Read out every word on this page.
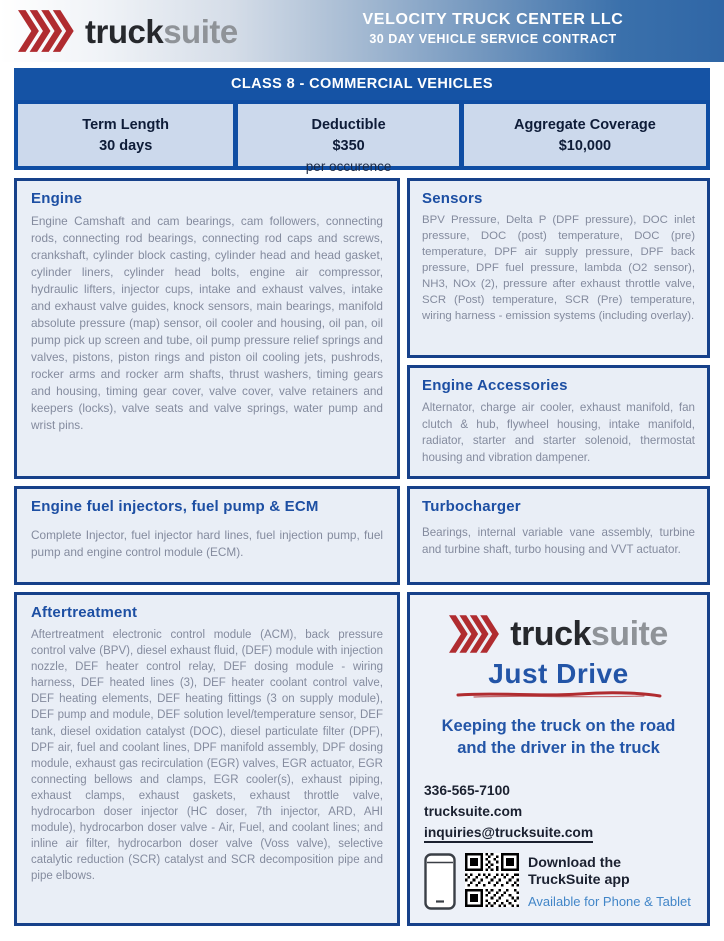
trucksuite	VELOCITY TRUCK CENTER LLC
30 DAY VEHICLE SERVICE CONTRACT
CLASS 8 - COMMERCIAL VEHICLES
Term Length
30 days
Deductible
$350
per occurence
Aggregate Coverage
$10,000
Engine

Engine Camshaft and cam bearings, cam followers, connecting rods, connecting rod bearings, connecting rod caps and screws, crankshaft, cylinder block casting, cylinder head and head gasket, cylinder liners, cylinder head bolts, engine air compressor, hydraulic lifters, injector cups, intake and exhaust valves, intake and exhaust valve guides, knock sensors, main bearings, manifold absolute pressure (map) sensor, oil cooler and housing, oil pan, oil pump pick up screen and tube, oil pump pressure relief springs and valves, pistons, piston rings and piston oil cooling jets, pushrods, rocker arms and rocker arm shafts, thrust washers, timing gears and housing, timing gear cover, valve cover, valve retainers and keepers (locks), valve seats and valve springs, water pump and wrist pins.

Engine fuel injectors, fuel pump & ECM

Complete Injector, fuel injector hard lines, fuel injection pump, fuel pump and engine control module (ECM).

Aftertreatment

Aftertreatment electronic control module (ACM), back pressure control valve (BPV), diesel exhaust fluid, (DEF) module with injection nozzle, DEF heater control relay, DEF dosing module - wiring harness, DEF heated lines (3), DEF heater coolant control valve, DEF heating elements, DEF heating fittings (3 on supply module), DEF pump and module, DEF solution level/temperature sensor, DEF tank, diesel oxidation catalyst (DOC), diesel particulate filter (DPF), DPF air, fuel and coolant lines, DPF manifold assembly, DPF dosing module, exhaust gas recirculation (EGR) valves, EGR actuator, EGR connecting bellows and clamps, EGR cooler(s), exhaust piping, exhaust clamps, exhaust gaskets, exhaust throttle valve, hydrocarbon doser injector (HC doser, 7th injector, ARD, AHI module), hydrocarbon doser valve - Air, Fuel, and coolant lines; and inline air filter, hydrocarbon doser valve (Voss valve), selective catalytic reduction (SCR) catalyst and SCR decomposition pipe and pipe elbows.

Sensors

BPV Pressure, Delta P (DPF pressure), DOC inlet pressure, DOC (post) temperature, DOC (pre) temperature, DPF air supply pressure, DPF back pressure, DPF fuel pressure, lambda (O2 sensor), NH3, NOx (2), pressure after exhaust throttle valve, SCR (Post) temperature, SCR (Pre) temperature, wiring harness - emission systems (including overlay).

Engine Accessories

Alternator, charge air cooler, exhaust manifold, fan clutch & hub, flywheel housing, intake manifold, radiator, starter and starter solenoid, thermostat housing and vibration dampener.

Turbocharger

Bearings, internal variable vane assembly, turbine and turbine shaft, turbo housing and VVT actuator.

trucksuite
Just Drive
Keeping the truck on the road
and the driver in the truck
336-565-7100
trucksuite.com
inquiries@trucksuite.com
Download the
TruckSuite app
Available for Phone & Tablet
